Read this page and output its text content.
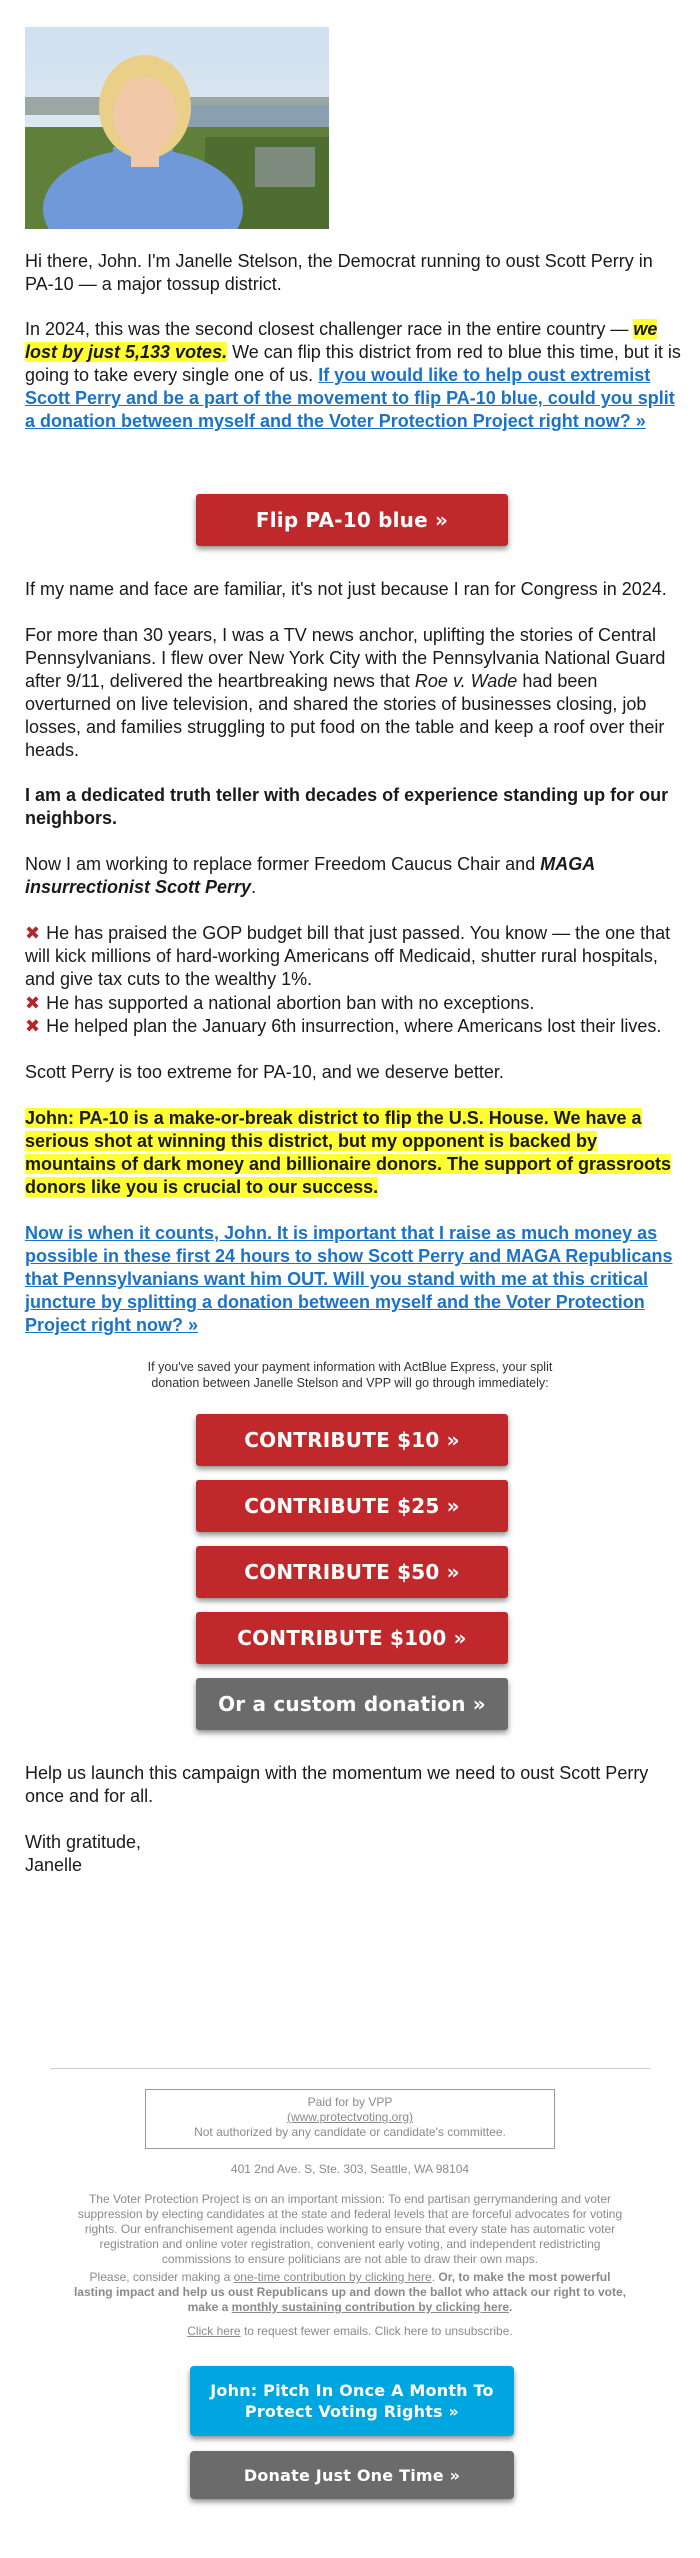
Hi there, John. I'm Janelle Stelson, the Democrat running to oust Scott Perry in PA-10 — a major tossup district.

In 2024, this was the second closest challenger race in the entire country — we lost by just 5,133 votes. We can flip this district from red to blue this time, but it is going to take every single one of us. If you would like to help oust extremist Scott Perry and be a part of the movement to flip PA-10 blue, could you split a donation between myself and the Voter Protection Project right now? »

Flip PA-10 blue »

If my name and face are familiar, it's not just because I ran for Congress in 2024.

For more than 30 years, I was a TV news anchor, uplifting the stories of Central Pennsylvanians. I flew over New York City with the Pennsylvania National Guard after 9/11, delivered the heartbreaking news that Roe v. Wade had been overturned on live television, and shared the stories of businesses closing, job losses, and families struggling to put food on the table and keep a roof over their heads.

I am a dedicated truth teller with decades of experience standing up for our neighbors.

Now I am working to replace former Freedom Caucus Chair and MAGA insurrectionist Scott Perry.

✖ He has praised the GOP budget bill that just passed. You know — the one that will kick millions of hard-working Americans off Medicaid, shutter rural hospitals, and give tax cuts to the wealthy 1%.

✖ He has supported a national abortion ban with no exceptions.

✖ He helped plan the January 6th insurrection, where Americans lost their lives.

Scott Perry is too extreme for PA-10, and we deserve better.

John: PA-10 is a make-or-break district to flip the U.S. House. We have a serious shot at winning this district, but my opponent is backed by mountains of dark money and billionaire donors. The support of grassroots donors like you is crucial to our success.

Now is when it counts, John. It is important that I raise as much money as possible in these first 24 hours to show Scott Perry and MAGA Republicans that Pennsylvanians want him OUT. Will you stand with me at this critical juncture by splitting a donation between myself and the Voter Protection Project right now? »

If you've saved your payment information with ActBlue Express, your split donation between Janelle Stelson and VPP will go through immediately:
CONTRIBUTE $10 »
CONTRIBUTE $25 »
CONTRIBUTE $50 »
CONTRIBUTE $100 »
Or a custom donation »

Help us launch this campaign with the momentum we need to oust Scott Perry once and for all.

With gratitude,

Janelle

Paid for by VPP
(www.protectvoting.org)
Not authorized by any candidate or candidate's committee.
401 2nd Ave. S, Ste. 303, Seattle, WA 98104
The Voter Protection Project is on an important mission: To end partisan gerrymandering and voter suppression by electing candidates at the state and federal levels that are forceful advocates for voting rights. Our enfranchisement agenda includes working to ensure that every state has automatic voter registration and online voter registration, convenient early voting, and independent redistricting commissions to ensure politicians are not able to draw their own maps.
Please, consider making a one-time contribution by clicking here. Or, to make the most powerful lasting impact and help us oust Republicans up and down the ballot who attack our right to vote, make a monthly sustaining contribution by clicking here.
Click here to request fewer emails. Click here to unsubscribe.
John: Pitch In Once A Month To Protect Voting Rights »
Donate Just One Time »
